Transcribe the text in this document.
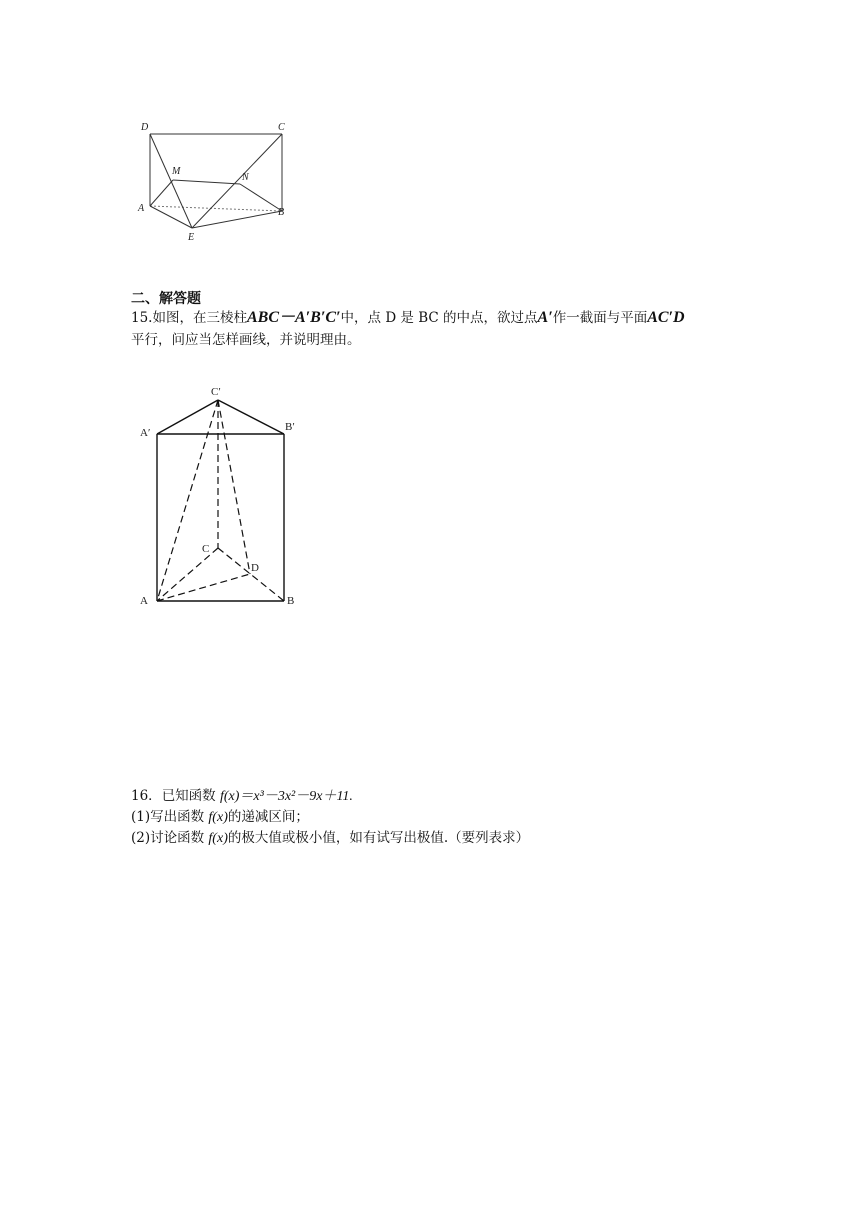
D	C
M
N
A	B
E
二、解答题
15.如图，在三棱柱ABC－A′B′C′中，点 D 是 BC 的中点，欲过点A′作一截面与平面AC′D
平行，问应当怎样画线，并说明理由。
C′
A′	B′
C
D
A	B
16．已知函数 f(x)＝x³－3x²－9x＋11.
(1)写出函数 f(x)的递减区间；
(2)讨论函数 f(x)的极大值或极小值，如有试写出极值.（要列表求）
